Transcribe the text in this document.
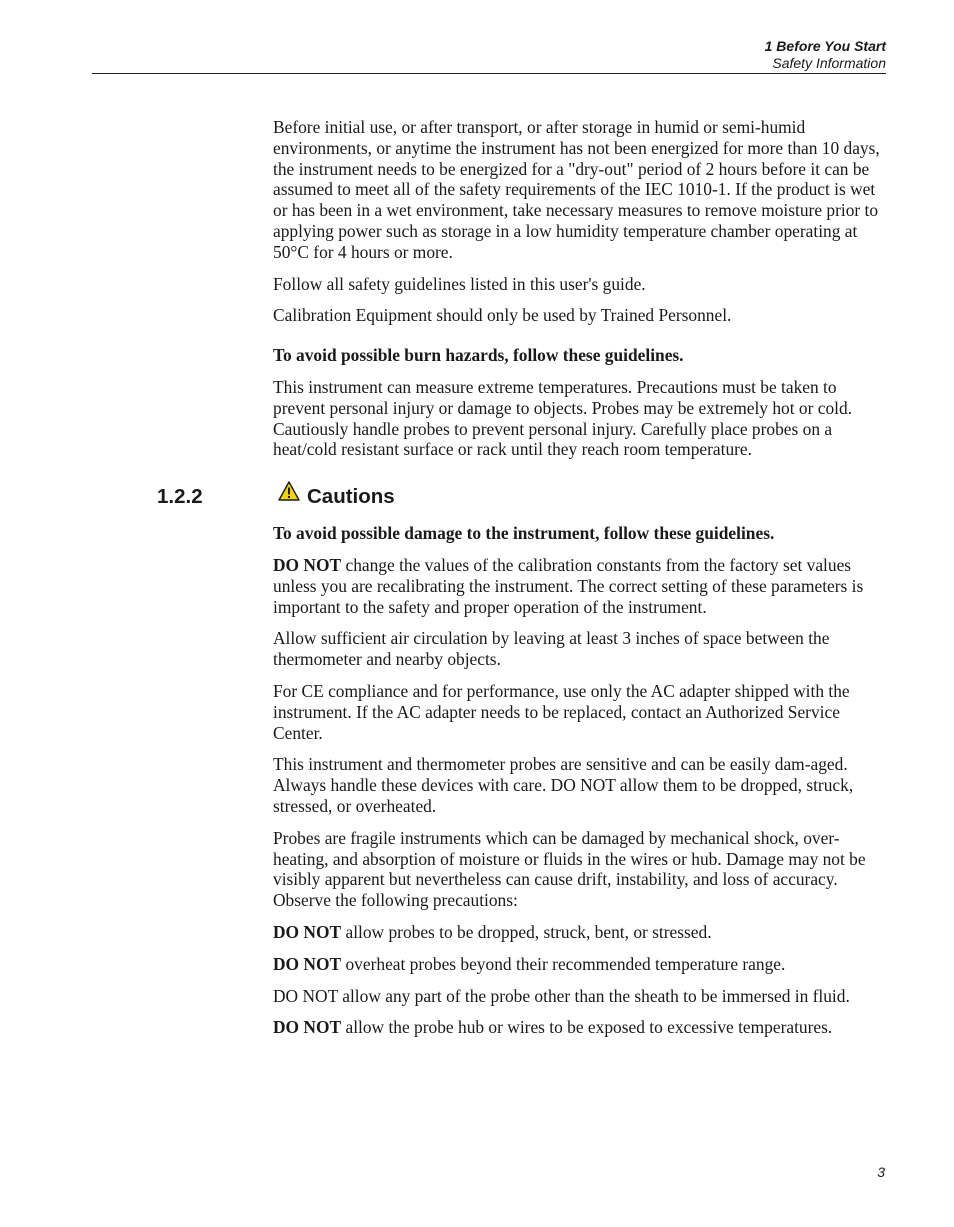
1 Before You Start
Safety Information

Before initial use, or after transport, or after storage in humid or semi-humid environments, or anytime the instrument has not been energized for more than 10 days, the instrument needs to be energized for a "dry-out" period of 2 hours before it can be assumed to meet all of the safety requirements of the IEC 1010-1. If the product is wet or has been in a wet environment, take necessary measures to remove moisture prior to applying power such as storage in a low humidity temperature chamber operating at 50°C for 4 hours or more.

Follow all safety guidelines listed in this user's guide.

Calibration Equipment should only be used by Trained Personnel.

To avoid possible burn hazards, follow these guidelines.

This instrument can measure extreme temperatures. Precautions must be taken to prevent personal injury or damage to objects. Probes may be extremely hot or cold. Cautiously handle probes to prevent personal injury. Carefully place probes on a heat/cold resistant surface or rack until they reach room temperature.

1.2.2	Cautions

To avoid possible damage to the instrument, follow these guidelines.

DO NOT change the values of the calibration constants from the factory set values unless you are recalibrating the instrument. The correct setting of these parameters is important to the safety and proper operation of the instrument.

Allow sufficient air circulation by leaving at least 3 inches of space between the thermometer and nearby objects.

For CE compliance and for performance, use only the AC adapter shipped with the instrument. If the AC adapter needs to be replaced, contact an Authorized Service Center.

This instrument and thermometer probes are sensitive and can be easily dam-aged. Always handle these devices with care. DO NOT allow them to be dropped, struck, stressed, or overheated.

Probes are fragile instruments which can be damaged by mechanical shock, over-heating, and absorption of moisture or fluids in the wires or hub. Damage may not be visibly apparent but nevertheless can cause drift, instability, and loss of accuracy. Observe the following precautions:

DO NOT allow probes to be dropped, struck, bent, or stressed.

DO NOT overheat probes beyond their recommended temperature range.

DO NOT allow any part of the probe other than the sheath to be immersed in fluid.

DO NOT allow the probe hub or wires to be exposed to excessive temperatures.

3
